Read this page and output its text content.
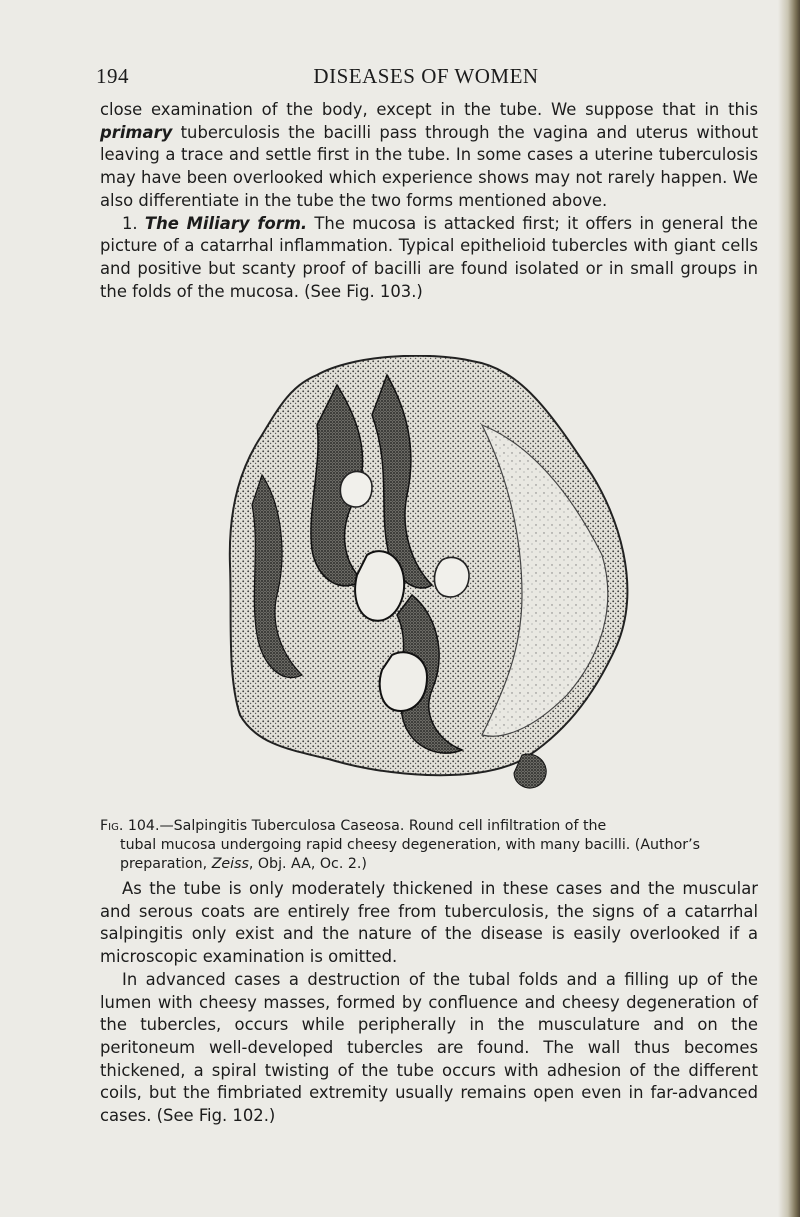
194	DISEASES OF WOMEN

close examination of the body, except in the tube. We suppose that in this primary tuberculosis the bacilli pass through the vagina and uterus without leaving a trace and settle first in the tube. In some cases a uterine tuberculosis may have been overlooked which experience shows may not rarely happen. We also differentiate in the tube the two forms mentioned above.

1. The Miliary form. The mucosa is attacked first; it offers in general the picture of a catarrhal inflammation. Typical epithelioid tubercles with giant cells and positive but scanty proof of bacilli are found isolated or in small groups in the folds of the mucosa. (See Fig. 103.)

Fig. 104.—Salpingitis Tuberculosa Caseosa. Round cell infiltration of the
tubal mucosa undergoing rapid cheesy degeneration, with many bacilli. (Author’s preparation, Zeiss, Obj. AA, Oc. 2.)

As the tube is only moderately thickened in these cases and the muscular and serous coats are entirely free from tuberculosis, the signs of a catarrhal salpingitis only exist and the nature of the disease is easily overlooked if a microscopic examination is omitted.

In advanced cases a destruction of the tubal folds and a filling up of the lumen with cheesy masses, formed by confluence and cheesy degeneration of the tubercles, occurs while peripherally in the musculature and on the peritoneum well-developed tubercles are found. The wall thus becomes thickened, a spiral twisting of the tube occurs with adhesion of the different coils, but the fimbriated extremity usually remains open even in far-advanced cases. (See Fig. 102.)
